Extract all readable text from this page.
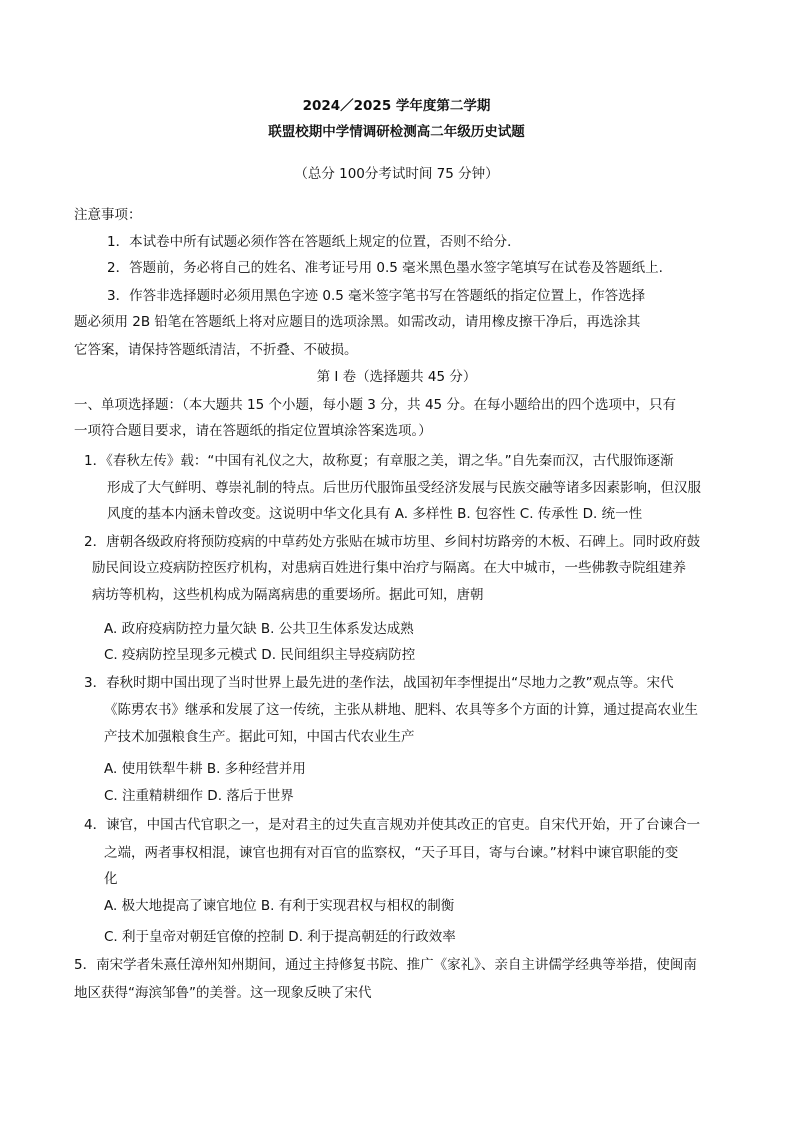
2024／2025 学年度第二学期
联盟校期中学情调研检测高二年级历史试题
（总分 100分考试时间 75 分钟）
注意事项：
1．本试卷中所有试题必须作答在答题纸上规定的位置，否则不给分．
2．答题前，务必将自己的姓名、准考证号用 0.5 毫米黑色墨水签字笔填写在试卷及答题纸上.
3．作答非选择题时必须用黑色字迹 0.5 毫米签字笔书写在答题纸的指定位置上，作答选择
题必须用 2B 铅笔在答题纸上将对应题目的选项涂黑。如需改动，请用橡皮擦干净后，再选涂其
它答案，请保持答题纸清洁，不折叠、不破损。
第 Ⅰ 卷（选择题共 45 分）
一、单项选择题：（本大题共 15 个小题，每小题 3 分，共 45 分。在每小题给出的四个选项中，只有
一项符合题目要求，请在答题纸的指定位置填涂答案选项。）
1．《春秋左传》载：“中国有礼仪之大，故称夏；有章服之美，谓之华。”自先秦而汉，古代服饰逐渐
形成了大气鲜明、尊崇礼制的特点。后世历代服饰虽受经济发展与民族交融等诸多因素影响，但汉服
风度的基本内涵未曾改变。这说明中华文化具有 A. 多样性 B. 包容性 C. 传承性 D. 统一性
2．唐朝各级政府将预防疫病的中草药处方张贴在城市坊里、乡间村坊路旁的木板、石碑上。同时政府鼓
励民间设立疫病防控医疗机构，对患病百姓进行集中治疗与隔离。在大中城市，一些佛教寺院组建养
病坊等机构，这些机构成为隔离病患的重要场所。据此可知，唐朝
A. 政府疫病防控力量欠缺 B. 公共卫生体系发达成熟
C. 疫病防控呈现多元模式 D. 民间组织主导疫病防控
3．春秋时期中国出现了当时世界上最先进的垄作法，战国初年李悝提出“尽地力之教”观点等。宋代
《陈旉农书》继承和发展了这一传统，主张从耕地、肥料、农具等多个方面的计算，通过提高农业生
产技术加强粮食生产。据此可知，中国古代农业生产
A. 使用铁犁牛耕 B. 多种经营并用
C. 注重精耕细作 D. 落后于世界
4．谏官，中国古代官职之一，是对君主的过失直言规劝并使其改正的官吏。自宋代开始，开了台谏合一
之端，两者事权相混，谏官也拥有对百官的监察权，“天子耳目，寄与台谏。”材料中谏官职能的变
化
A. 极大地提高了谏官地位 B. 有利于实现君权与相权的制衡
C. 利于皇帝对朝廷官僚的控制 D. 利于提高朝廷的行政效率
5．南宋学者朱熹任漳州知州期间，通过主持修复书院、推广《家礼》、亲自主讲儒学经典等举措，使闽南
地区获得“海滨邹鲁”的美誉。这一现象反映了宋代
